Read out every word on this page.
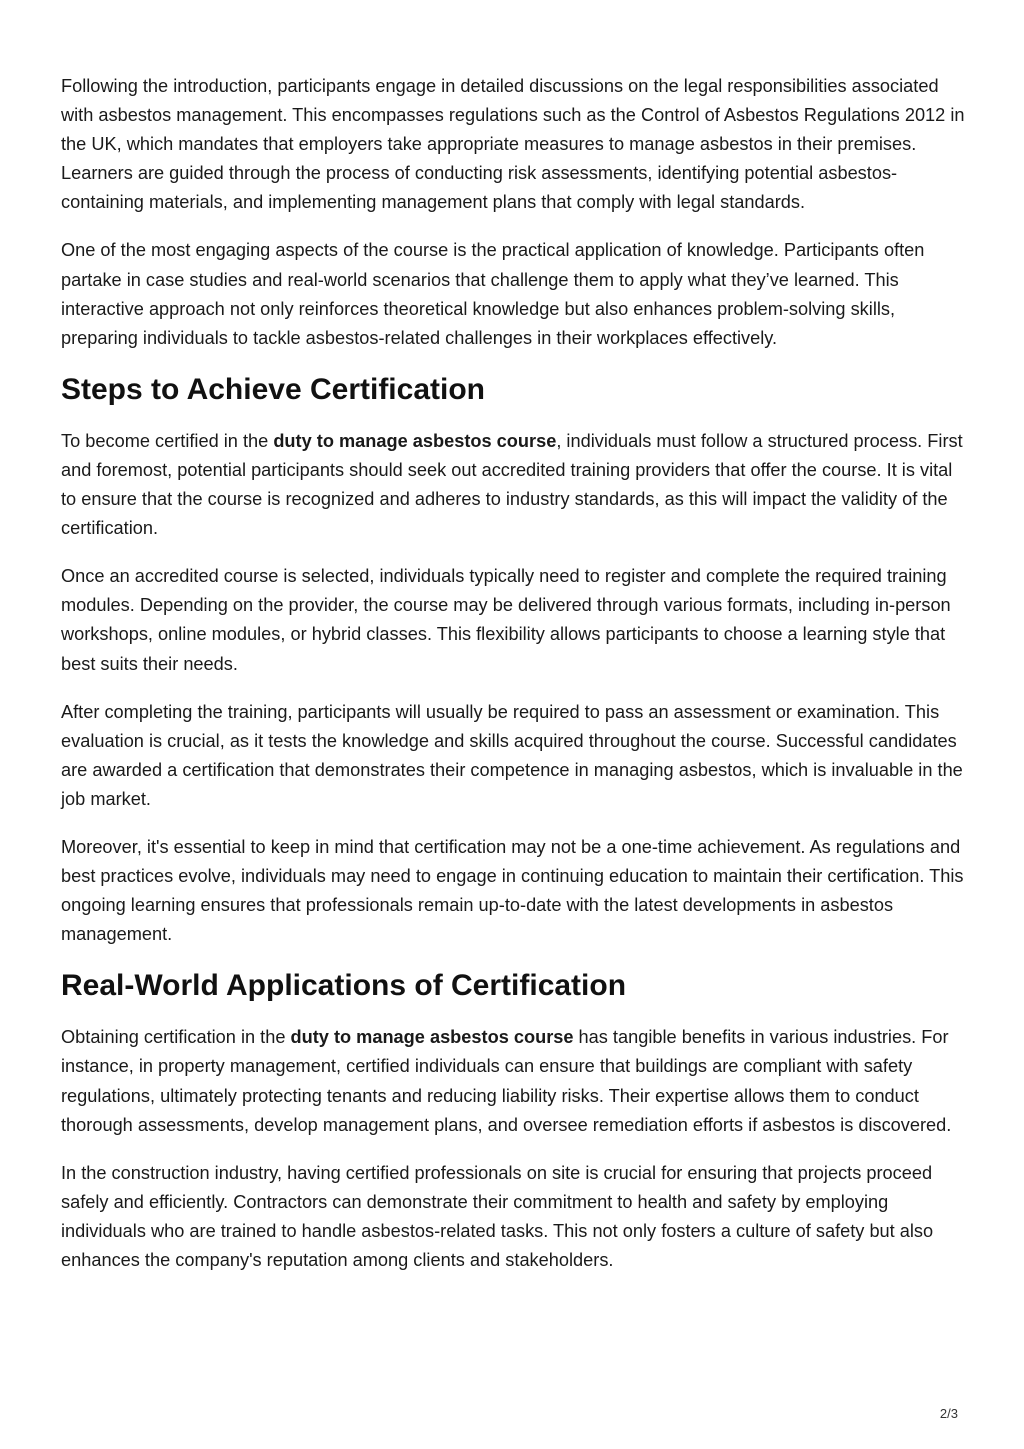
Following the introduction, participants engage in detailed discussions on the legal responsibilities associated with asbestos management. This encompasses regulations such as the Control of Asbestos Regulations 2012 in the UK, which mandates that employers take appropriate measures to manage asbestos in their premises. Learners are guided through the process of conducting risk assessments, identifying potential asbestos-containing materials, and implementing management plans that comply with legal standards.

One of the most engaging aspects of the course is the practical application of knowledge. Participants often partake in case studies and real-world scenarios that challenge them to apply what they’ve learned. This interactive approach not only reinforces theoretical knowledge but also enhances problem-solving skills, preparing individuals to tackle asbestos-related challenges in their workplaces effectively.

Steps to Achieve Certification

To become certified in the duty to manage asbestos course, individuals must follow a structured process. First and foremost, potential participants should seek out accredited training providers that offer the course. It is vital to ensure that the course is recognized and adheres to industry standards, as this will impact the validity of the certification.

Once an accredited course is selected, individuals typically need to register and complete the required training modules. Depending on the provider, the course may be delivered through various formats, including in-person workshops, online modules, or hybrid classes. This flexibility allows participants to choose a learning style that best suits their needs.

After completing the training, participants will usually be required to pass an assessment or examination. This evaluation is crucial, as it tests the knowledge and skills acquired throughout the course. Successful candidates are awarded a certification that demonstrates their competence in managing asbestos, which is invaluable in the job market.

Moreover, it's essential to keep in mind that certification may not be a one-time achievement. As regulations and best practices evolve, individuals may need to engage in continuing education to maintain their certification. This ongoing learning ensures that professionals remain up-to-date with the latest developments in asbestos management.

Real-World Applications of Certification

Obtaining certification in the duty to manage asbestos course has tangible benefits in various industries. For instance, in property management, certified individuals can ensure that buildings are compliant with safety regulations, ultimately protecting tenants and reducing liability risks. Their expertise allows them to conduct thorough assessments, develop management plans, and oversee remediation efforts if asbestos is discovered.

In the construction industry, having certified professionals on site is crucial for ensuring that projects proceed safely and efficiently. Contractors can demonstrate their commitment to health and safety by employing individuals who are trained to handle asbestos-related tasks. This not only fosters a culture of safety but also enhances the company's reputation among clients and stakeholders.

2/3
